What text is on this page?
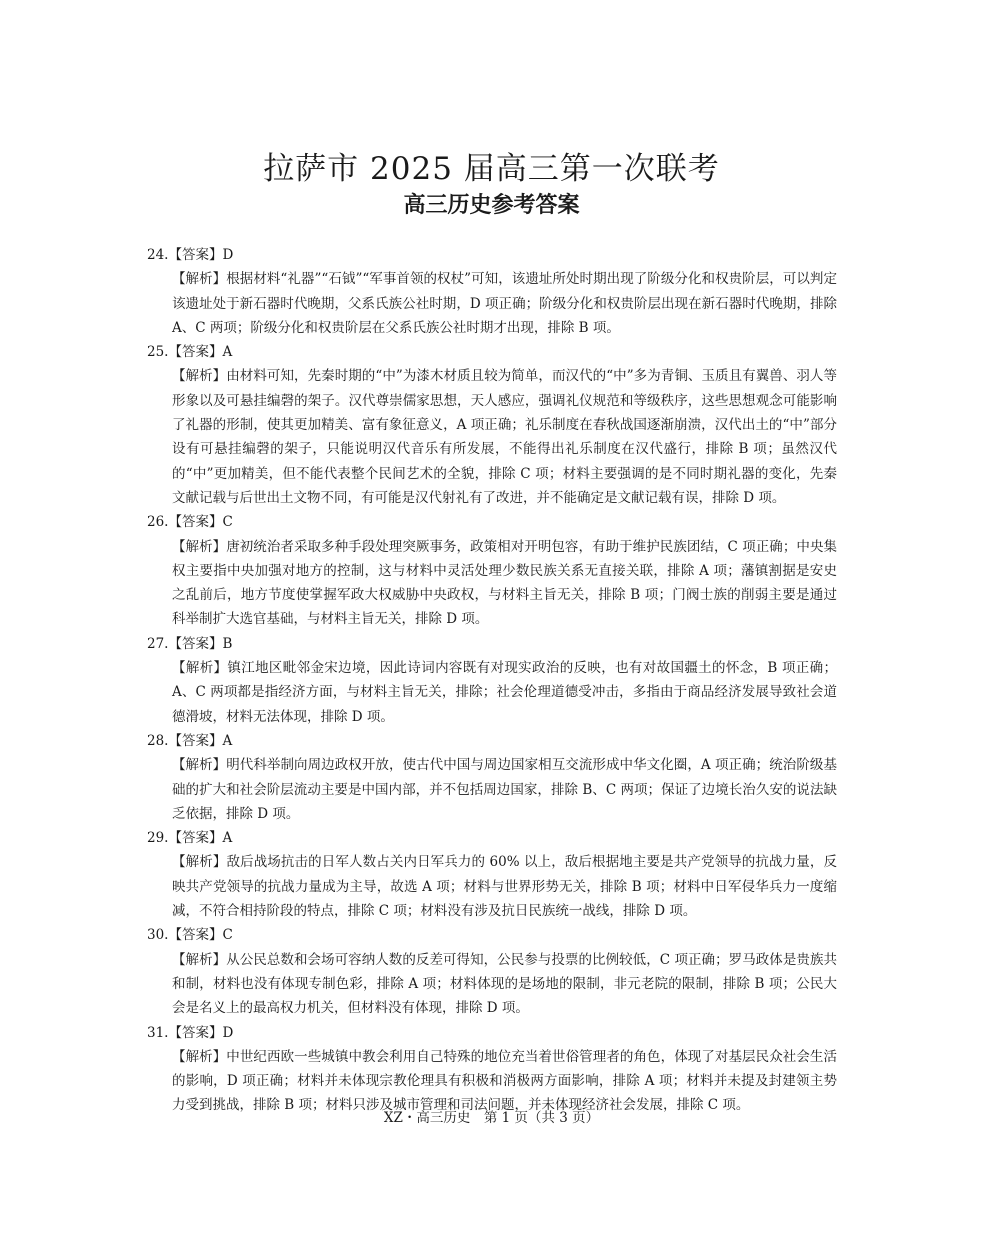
拉萨市 2025 届高三第一次联考
高三历史参考答案
24.【答案】D
【解析】根据材料“礼器”“石钺”“军事首领的权杖”可知，该遗址所处时期出现了阶级分化和权贵阶层，可以判定该遗址处于新石器时代晚期，父系氏族公社时期，D 项正确；阶级分化和权贵阶层出现在新石器时代晚期，排除 A、C 两项；阶级分化和权贵阶层在父系氏族公社时期才出现，排除 B 项。
25.【答案】A
【解析】由材料可知，先秦时期的“中”为漆木材质且较为简单，而汉代的“中”多为青铜、玉质且有翼兽、羽人等形象以及可悬挂编磬的架子。汉代尊崇儒家思想，天人感应，强调礼仪规范和等级秩序，这些思想观念可能影响了礼器的形制，使其更加精美、富有象征意义，A 项正确；礼乐制度在春秋战国逐渐崩溃，汉代出土的“中”部分设有可悬挂编磬的架子，只能说明汉代音乐有所发展，不能得出礼乐制度在汉代盛行，排除 B 项；虽然汉代的“中”更加精美，但不能代表整个民间艺术的全貌，排除 C 项；材料主要强调的是不同时期礼器的变化，先秦文献记载与后世出土文物不同，有可能是汉代射礼有了改进，并不能确定是文献记载有误，排除 D 项。
26.【答案】C
【解析】唐初统治者采取多种手段处理突厥事务，政策相对开明包容，有助于维护民族团结，C 项正确；中央集权主要指中央加强对地方的控制，这与材料中灵活处理少数民族关系无直接关联，排除 A 项；藩镇割据是安史之乱前后，地方节度使掌握军政大权威胁中央政权，与材料主旨无关，排除 B 项；门阀士族的削弱主要是通过科举制扩大选官基础，与材料主旨无关，排除 D 项。
27.【答案】B
【解析】镇江地区毗邻金宋边境，因此诗词内容既有对现实政治的反映，也有对故国疆土的怀念，B 项正确；A、C 两项都是指经济方面，与材料主旨无关，排除；社会伦理道德受冲击，多指由于商品经济发展导致社会道德滑坡，材料无法体现，排除 D 项。
28.【答案】A
【解析】明代科举制向周边政权开放，使古代中国与周边国家相互交流形成中华文化圈，A 项正确；统治阶级基础的扩大和社会阶层流动主要是中国内部，并不包括周边国家，排除 B、C 两项；保证了边境长治久安的说法缺乏依据，排除 D 项。
29.【答案】A
【解析】敌后战场抗击的日军人数占关内日军兵力的 60% 以上，敌后根据地主要是共产党领导的抗战力量，反映共产党领导的抗战力量成为主导，故选 A 项；材料与世界形势无关，排除 B 项；材料中日军侵华兵力一度缩减，不符合相持阶段的特点，排除 C 项；材料没有涉及抗日民族统一战线，排除 D 项。
30.【答案】C
【解析】从公民总数和会场可容纳人数的反差可得知，公民参与投票的比例较低，C 项正确；罗马政体是贵族共和制，材料也没有体现专制色彩，排除 A 项；材料体现的是场地的限制，非元老院的限制，排除 B 项；公民大会是名义上的最高权力机关，但材料没有体现，排除 D 项。
31.【答案】D
【解析】中世纪西欧一些城镇中教会利用自己特殊的地位充当着世俗管理者的角色，体现了对基层民众社会生活的影响，D 项正确；材料并未体现宗教伦理具有积极和消极两方面影响，排除 A 项；材料并未提及封建领主势力受到挑战，排除 B 项；材料只涉及城市管理和司法问题，并未体现经济社会发展，排除 C 项。
XZ・高三历史　第 1 页（共 3 页）
